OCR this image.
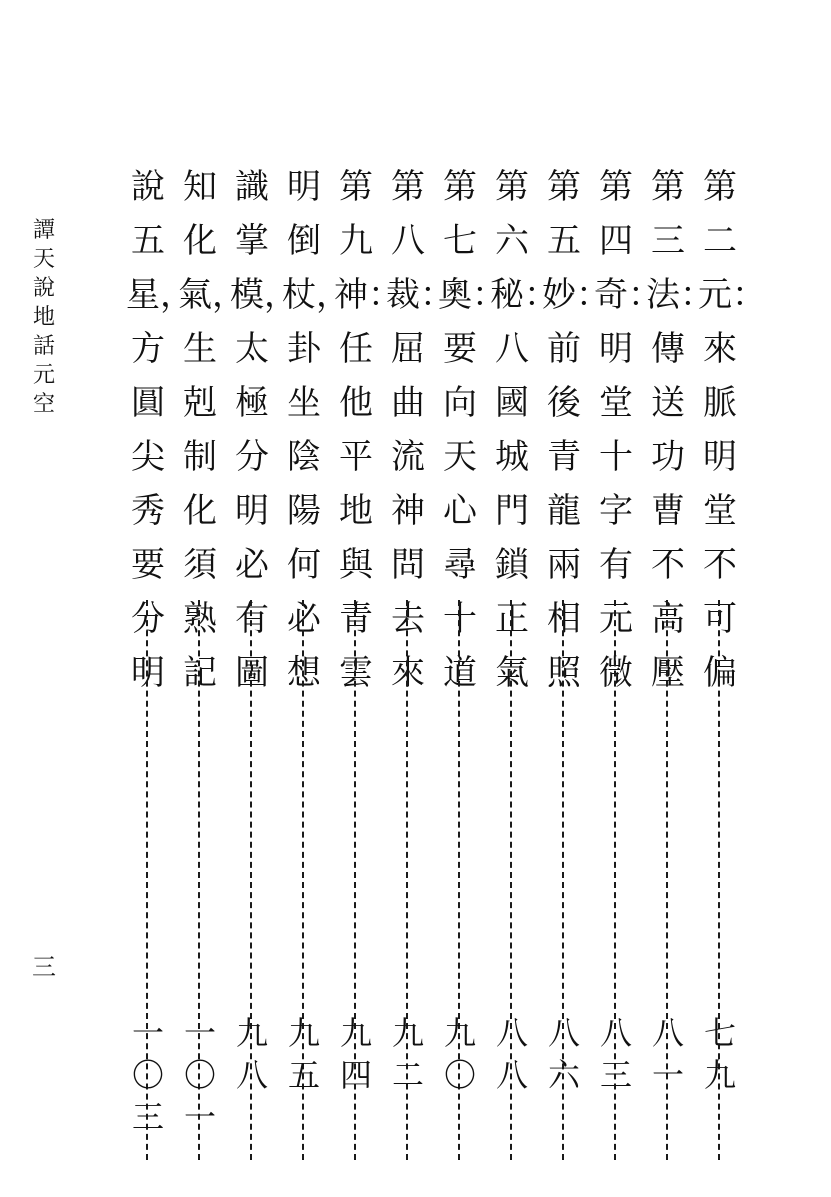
譚天說地話元空
三
第二元：來脈明堂不可偏
七九
第三法：傳送功曹不高壓
八一
第四奇：明堂十字有元微
八三
第五妙：前後青龍兩相照
八六
第六秘：八國城門鎖正氣
八八
第七奧：要向天心尋十道
九〇
第八裁：屈曲流神問去來
九二
第九神：任他平地與青雲
九四
明倒杖，卦坐陰陽何必想
九五
識掌模，太極分明必有圖
九八
知化氣，生剋制化須熟記
一〇一
說五星，方圓尖秀要分明
一〇三
